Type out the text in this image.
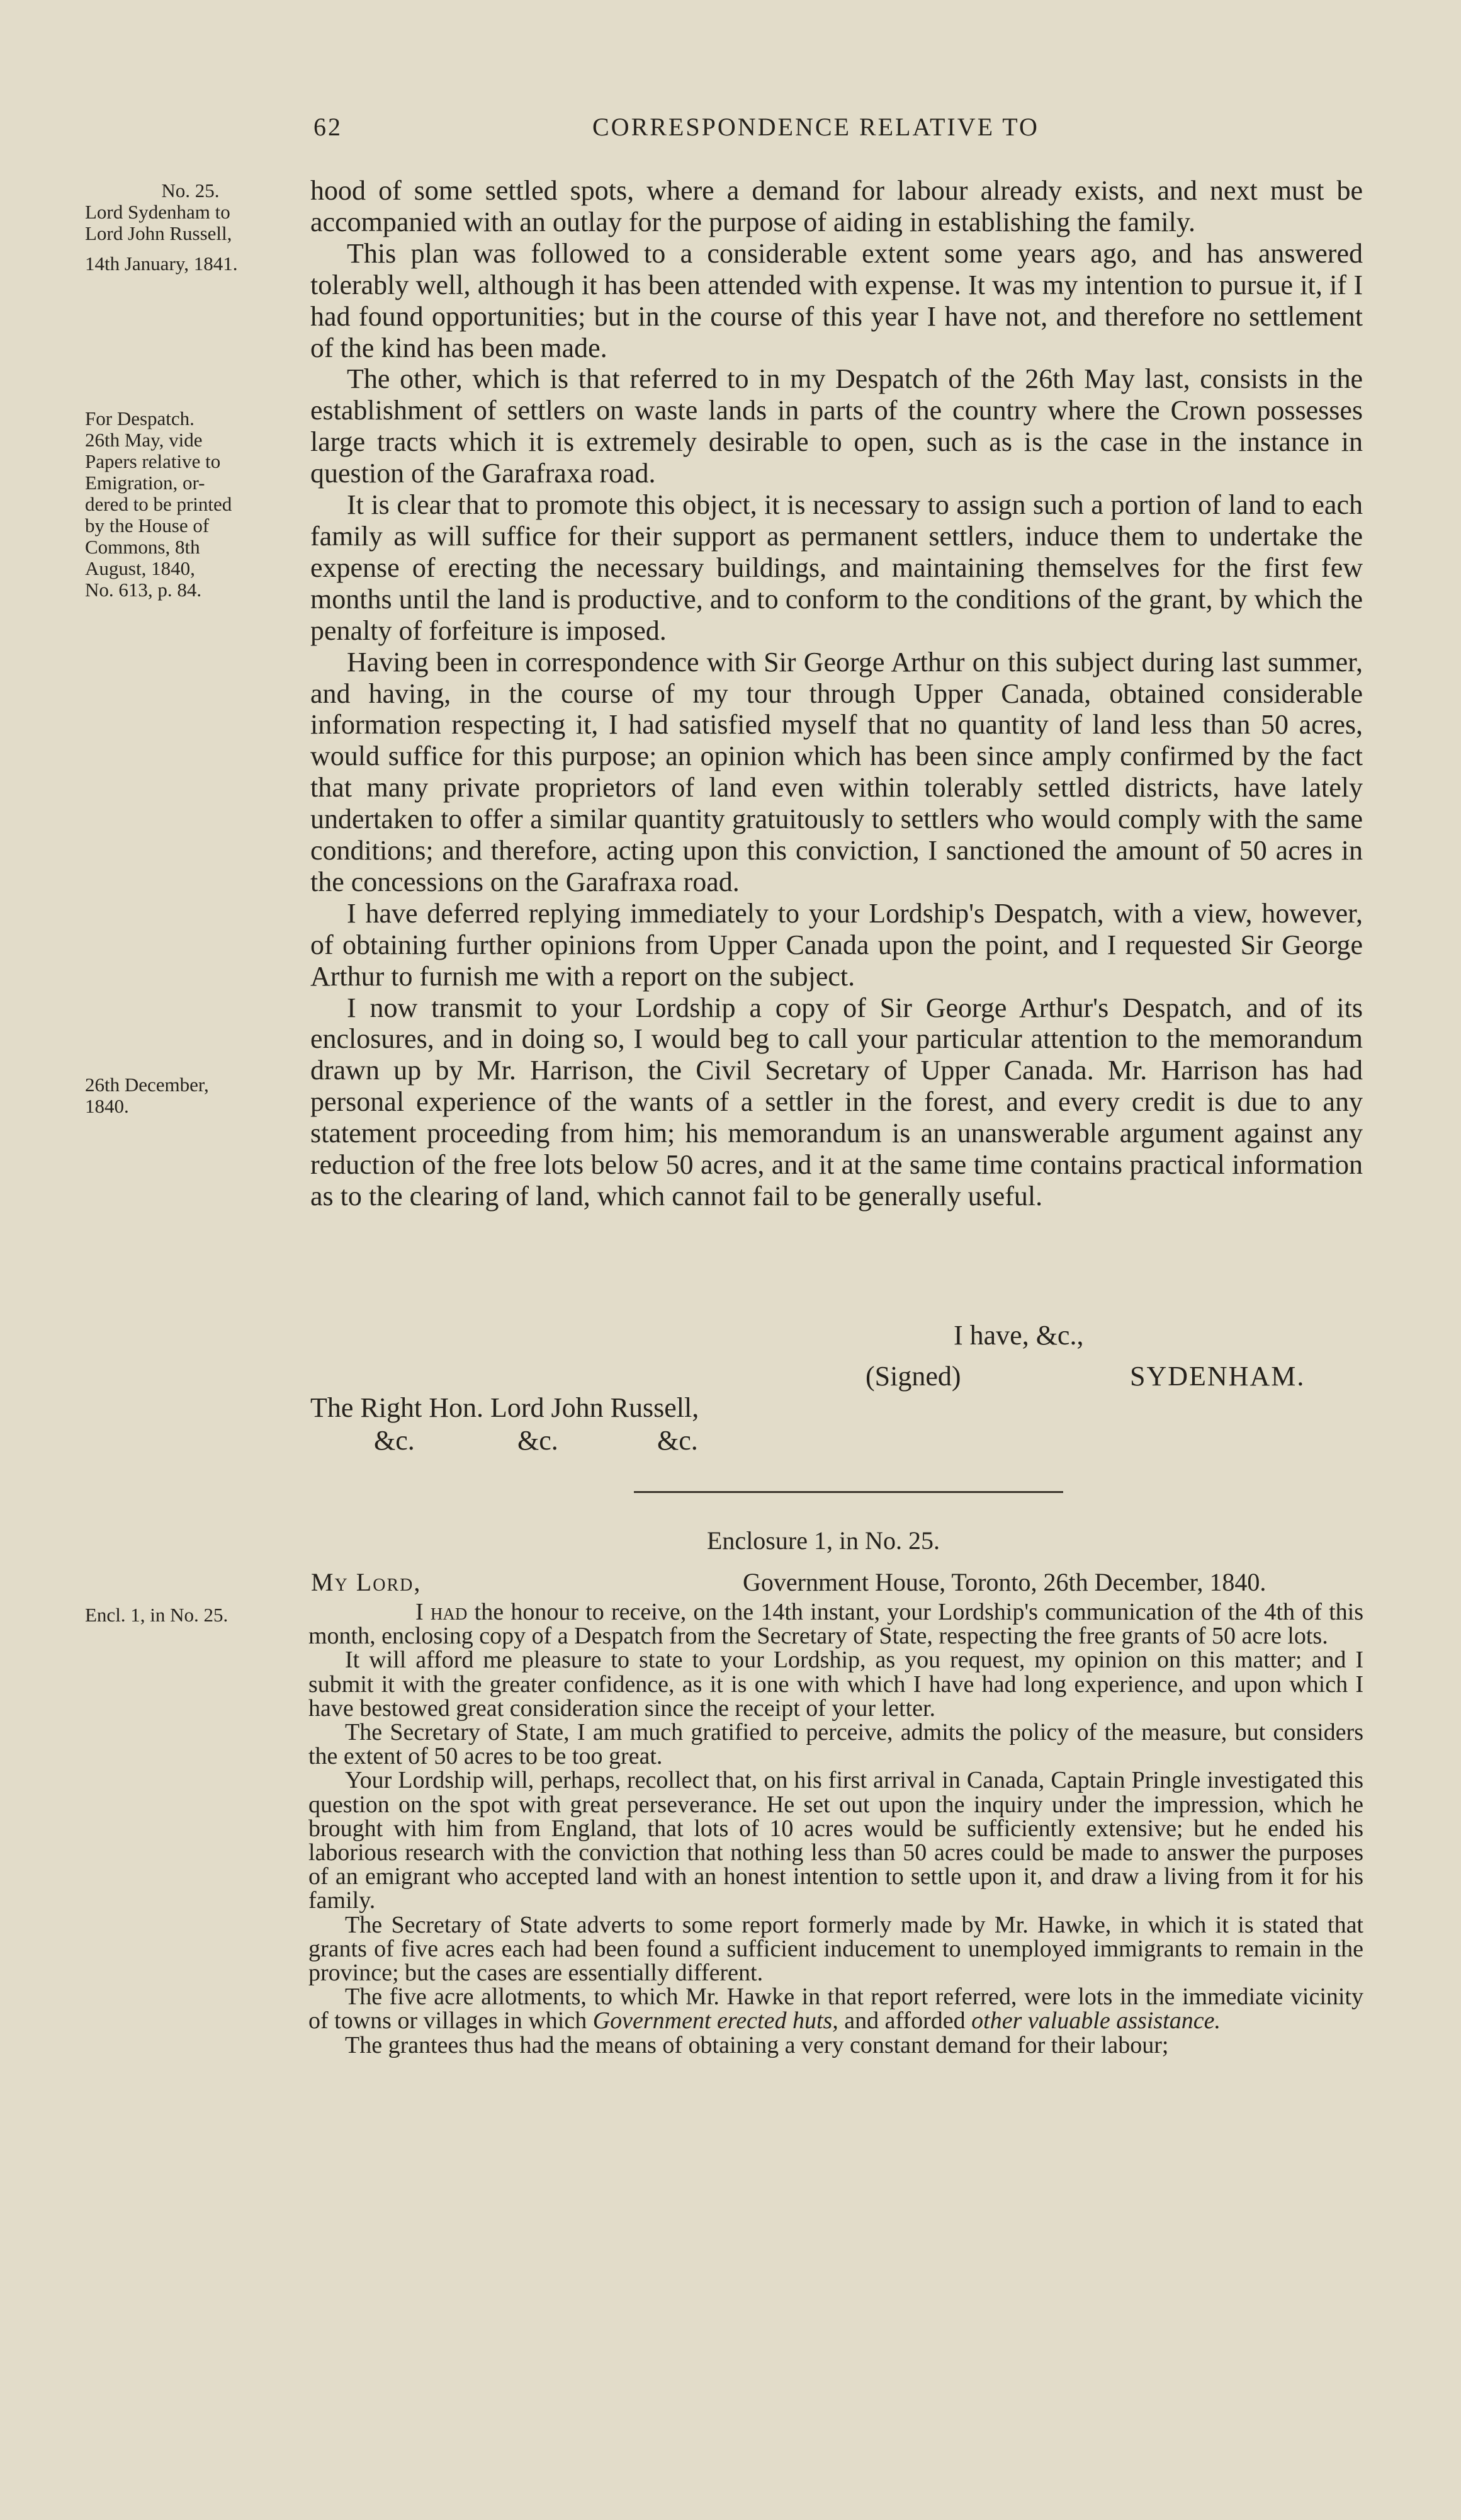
62	CORRESPONDENCE RELATIVE TO
No. 25.
Lord Sydenham to
Lord John Russell,
14th January, 1841.
For Despatch.
26th May, vide
Papers relative to
Emigration, or-
dered to be printed
by the House of
Commons, 8th
August, 1840,
No. 613, p. 84.
26th December,
1840.
Encl. 1, in No. 25.

hood of some settled spots, where a demand for labour already exists, and next must be accompanied with an outlay for the purpose of aiding in establishing the family.

This plan was followed to a considerable extent some years ago, and has answered tolerably well, although it has been attended with expense. It was my intention to pursue it, if I had found opportunities; but in the course of this year I have not, and therefore no settlement of the kind has been made.

The other, which is that referred to in my Despatch of the 26th May last, consists in the establishment of settlers on waste lands in parts of the country where the Crown possesses large tracts which it is extremely desirable to open, such as is the case in the instance in question of the Garafraxa road.

It is clear that to promote this object, it is necessary to assign such a portion of land to each family as will suffice for their support as permanent settlers, induce them to undertake the expense of erecting the necessary buildings, and maintaining themselves for the first few months until the land is productive, and to conform to the conditions of the grant, by which the penalty of forfeiture is imposed.

Having been in correspondence with Sir George Arthur on this subject during last summer, and having, in the course of my tour through Upper Canada, obtained considerable information respecting it, I had satisfied myself that no quantity of land less than 50 acres, would suffice for this purpose; an opinion which has been since amply confirmed by the fact that many private proprietors of land even within tolerably settled districts, have lately undertaken to offer a similar quantity gratuitously to settlers who would comply with the same conditions; and therefore, acting upon this conviction, I sanctioned the amount of 50 acres in the concessions on the Garafraxa road.

I have deferred replying immediately to your Lordship's Despatch, with a view, however, of obtaining further opinions from Upper Canada upon the point, and I requested Sir George Arthur to furnish me with a report on the subject.

I now transmit to your Lordship a copy of Sir George Arthur's Despatch, and of its enclosures, and in doing so, I would beg to call your particular attention to the memorandum drawn up by Mr. Harrison, the Civil Secretary of Upper Canada. Mr. Harrison has had personal experience of the wants of a settler in the forest, and every credit is due to any statement proceeding from him; his memorandum is an unanswerable argument against any reduction of the free lots below 50 acres, and it at the same time contains practical information as to the clearing of land, which cannot fail to be generally useful.

I have, &c.,
(Signed)	SYDENHAM.
The Right Hon. Lord John Russell,
&c.	&c.	&c.
Enclosure 1, in No. 25.
My Lord,	Government House, Toronto, 26th December, 1840.

I had the honour to receive, on the 14th instant, your Lordship's communication of the 4th of this month, enclosing copy of a Despatch from the Secretary of State, respecting the free grants of 50 acre lots.

It will afford me pleasure to state to your Lordship, as you request, my opinion on this matter; and I submit it with the greater confidence, as it is one with which I have had long experience, and upon which I have bestowed great consideration since the receipt of your letter.

The Secretary of State, I am much gratified to perceive, admits the policy of the measure, but considers the extent of 50 acres to be too great.

Your Lordship will, perhaps, recollect that, on his first arrival in Canada, Captain Pringle investigated this question on the spot with great perseverance. He set out upon the inquiry under the impression, which he brought with him from England, that lots of 10 acres would be sufficiently extensive; but he ended his laborious research with the conviction that nothing less than 50 acres could be made to answer the purposes of an emigrant who accepted land with an honest intention to settle upon it, and draw a living from it for his family.

The Secretary of State adverts to some report formerly made by Mr. Hawke, in which it is stated that grants of five acres each had been found a sufficient inducement to unemployed immigrants to remain in the province; but the cases are essentially different.

The five acre allotments, to which Mr. Hawke in that report referred, were lots in the immediate vicinity of towns or villages in which Government erected huts, and afforded other valuable assistance.

The grantees thus had the means of obtaining a very constant demand for their labour;
